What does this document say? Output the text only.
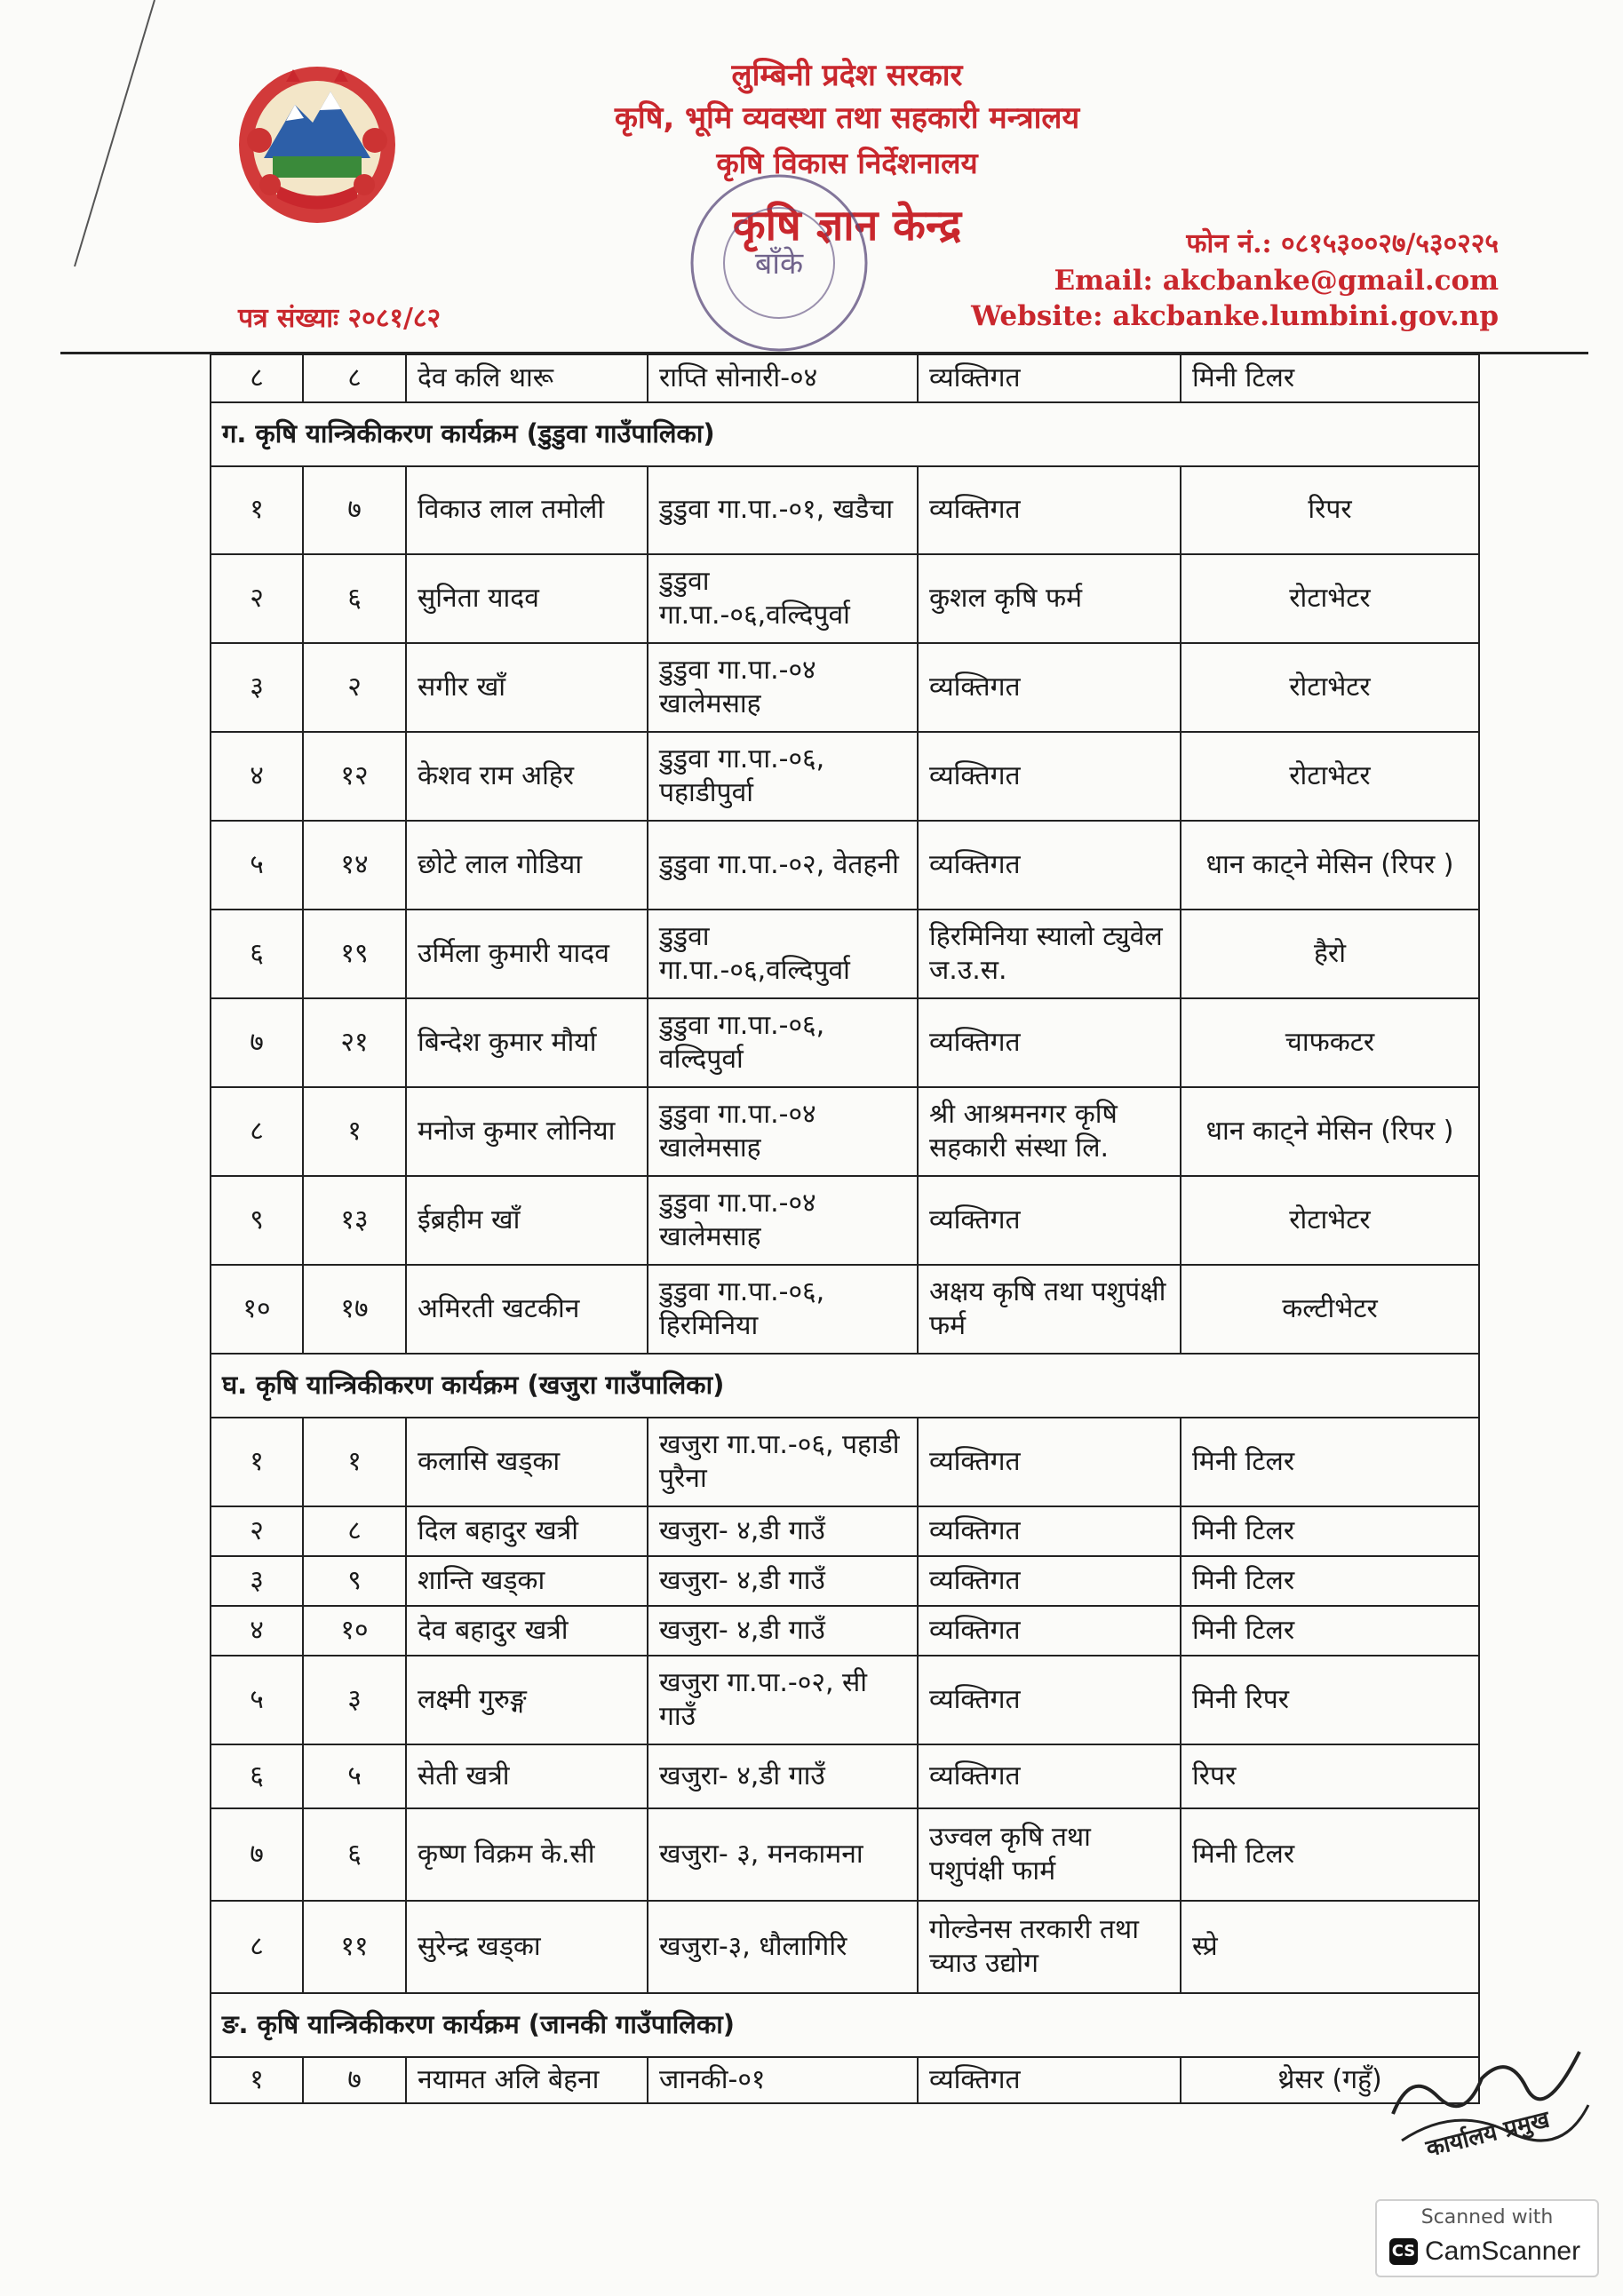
लुम्बिनी प्रदेश सरकार
कृषि, भूमि व्यवस्था तथा सहकारी मन्त्रालय
कृषि विकास निर्देशनालय
कृषि ज्ञान केन्द्र
बाँके
पत्र संख्याः २०८१/८२
फोन नं.: ०८१५३००२७/५३०२२५
Email: akcbanke@gmail.com
Website: akcbanke.lumbini.gov.np
८	८	देव कलि थारू	राप्ति सोनारी-०४	व्यक्तिगत	मिनी टिलर
ग. कृषि यान्त्रिकीकरण कार्यक्रम (डुडुवा गाउँपालिका)					
१	७	विकाउ लाल तमोली	डुडुवा गा.पा.-०१, खडैचा	व्यक्तिगत	रिपर
२	६	सुनिता यादव	डुडुवा गा.पा.-०६,वल्दिपुर्वा	कुशल कृषि फर्म	रोटाभेटर
३	२	सगीर खाँ	डुडुवा गा.पा.-०४ खालेमसाह	व्यक्तिगत	रोटाभेटर
४	१२	केशव राम अहिर	डुडुवा गा.पा.-०६, पहाडीपुर्वा	व्यक्तिगत	रोटाभेटर
५	१४	छोटे लाल गोडिया	डुडुवा गा.पा.-०२, वेतहनी	व्यक्तिगत	धान काट्ने मेसिन (रिपर )
६	१९	उर्मिला कुमारी यादव	डुडुवा गा.पा.-०६,वल्दिपुर्वा	हिरमिनिया स्यालो ट्युवेल ज.उ.स.	हैरो
७	२१	बिन्देश कुमार मौर्या	डुडुवा गा.पा.-०६, वल्दिपुर्वा	व्यक्तिगत	चाफकटर
८	१	मनोज कुमार लोनिया	डुडुवा गा.पा.-०४ खालेमसाह	श्री आश्रमनगर कृषि सहकारी संस्था लि.	धान काट्ने मेसिन (रिपर )
९	१३	ईब्रहीम खाँ	डुडुवा गा.पा.-०४ खालेमसाह	व्यक्तिगत	रोटाभेटर
१०	१७	अमिरती खटकीन	डुडुवा गा.पा.-०६, हिरमिनिया	अक्षय कृषि तथा पशुपंक्षी फर्म	कल्टीभेटर
घ. कृषि यान्त्रिकीकरण कार्यक्रम (खजुरा गाउँपालिका)					
१	१	कलासि खड्का	खजुरा गा.पा.-०६, पहाडी पुरैना	व्यक्तिगत	मिनी टिलर
२	८	दिल बहादुर खत्री	खजुरा- ४,डी गाउँ	व्यक्तिगत	मिनी टिलर
३	९	शान्ति खड्का	खजुरा- ४,डी गाउँ	व्यक्तिगत	मिनी टिलर
४	१०	देव बहादुर खत्री	खजुरा- ४,डी गाउँ	व्यक्तिगत	मिनी टिलर
५	३	लक्ष्मी गुरुङ्ग	खजुरा गा.पा.-०२, सी गाउँ	व्यक्तिगत	मिनी रिपर
६	५	सेती खत्री	खजुरा- ४,डी गाउँ	व्यक्तिगत	रिपर
७	६	कृष्ण विक्रम के.सी	खजुरा- ३, मनकामना	उज्वल कृषि तथा पशुपंक्षी फार्म	मिनी टिलर
८	११	सुरेन्द्र खड्का	खजुरा-३, धौलागिरि	गोल्डेनस तरकारी तथा च्याउ उद्योग	स्प्रे
ङ. कृषि यान्त्रिकीकरण कार्यक्रम (जानकी गाउँपालिका)					
१	७	नयामत अलि बेहना	जानकी-०१	व्यक्तिगत	थ्रेसर (गहुँ)
कार्यालय प्रमुख
Scanned with
CS CamScanner
